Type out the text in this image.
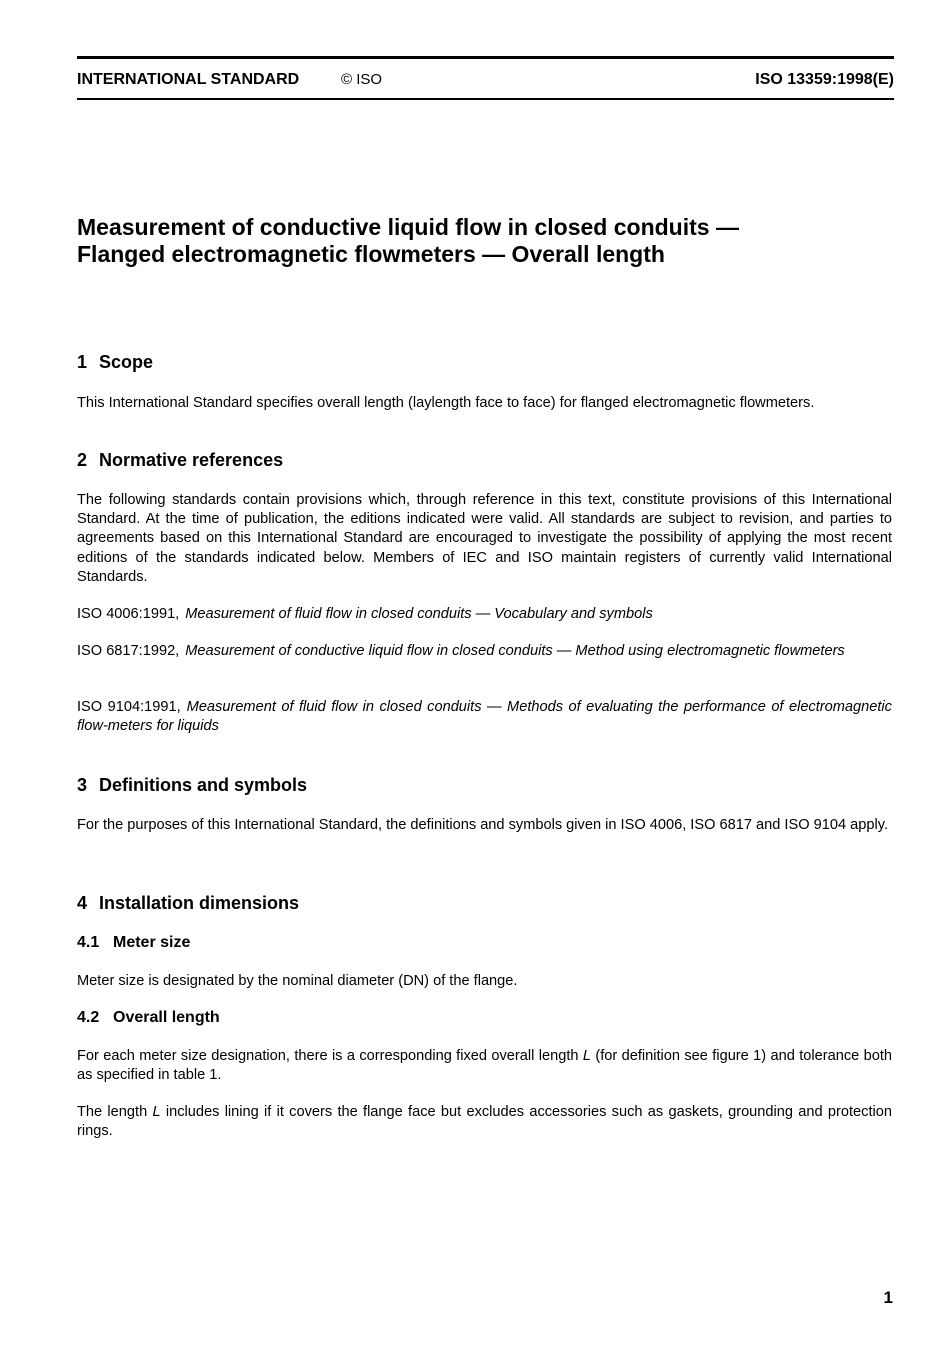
INTERNATIONAL STANDARD	© ISO	ISO 13359:1998(E)
Measurement of conductive liquid flow in closed conduits —
Flanged electromagnetic flowmeters — Overall length
1 Scope

This International Standard specifies overall length (laylength face to face) for flanged electromagnetic flowmeters.

2 Normative references

The following standards contain provisions which, through reference in this text, constitute provisions of this International Standard. At the time of publication, the editions indicated were valid. All standards are subject to revision, and parties to agreements based on this International Standard are encouraged to investigate the possibility of applying the most recent editions of the standards indicated below. Members of IEC and ISO maintain registers of currently valid International Standards.

ISO 4006:1991, Measurement of fluid flow in closed conduits — Vocabulary and symbols

ISO 6817:1992, Measurement of conductive liquid flow in closed conduits — Method using electromagnetic flowmeters

ISO 9104:1991, Measurement of fluid flow in closed conduits — Methods of evaluating the performance of electromagnetic flow-meters for liquids

3 Definitions and symbols

For the purposes of this International Standard, the definitions and symbols given in ISO 4006, ISO 6817 and ISO 9104 apply.

4 Installation dimensions
4.1 Meter size

Meter size is designated by the nominal diameter (DN) of the flange.

4.2 Overall length

For each meter size designation, there is a corresponding fixed overall length L (for definition see figure 1) and tolerance both as specified in table 1.

The length L includes lining if it covers the flange face but excludes accessories such as gaskets, grounding and protection rings.

1
